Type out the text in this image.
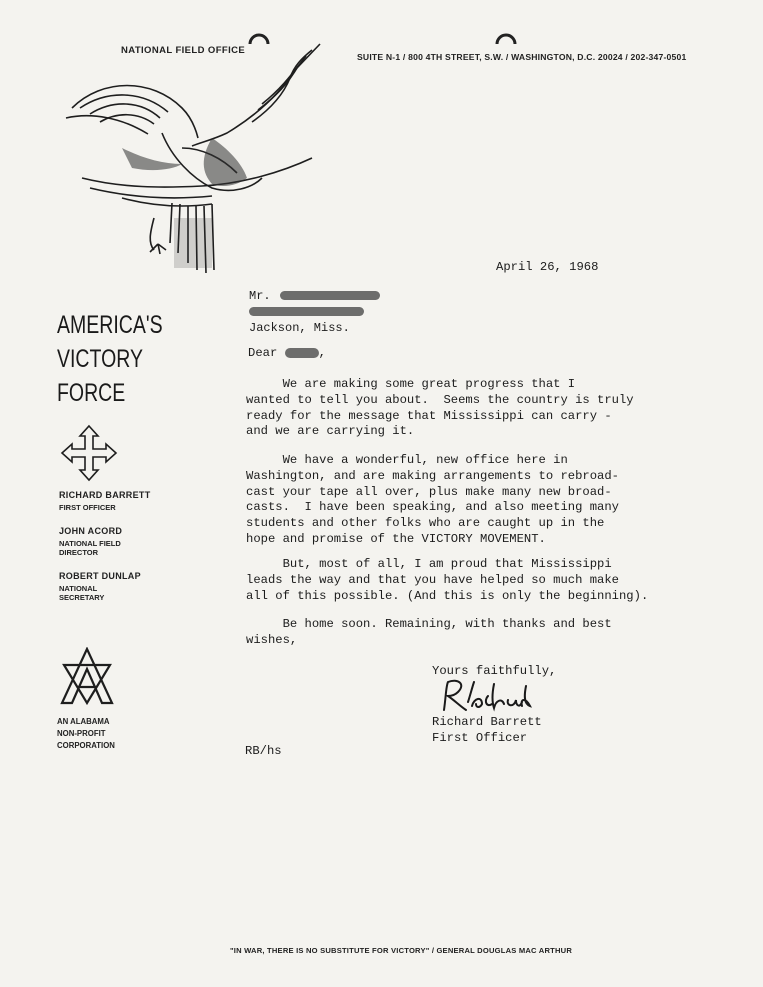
NATIONAL FIELD OFFICE
SUITE N-1 / 800 4TH STREET, S.W. / WASHINGTON, D.C. 20024 / 202-347-0501
AMERICA'S
VICTORY
FORCE
RICHARD BARRETT
FIRST OFFICER
JOHN ACORD
NATIONAL FIELD DIRECTOR
ROBERT DUNLAP
NATIONAL SECRETARY
AN ALABAMA
NON-PROFIT
CORPORATION
April 26, 1968
Mr.
Jackson, Miss.
Dear	,
We are making some great progress that I
wanted to tell you about.  Seems the country is truly
ready for the message that Mississippi can carry -
and we are carrying it.
We have a wonderful, new office here in
Washington, and are making arrangements to rebroad-
cast your tape all over, plus make many new broad-
casts.  I have been speaking, and also meeting many
students and other folks who are caught up in the
hope and promise of the VICTORY MOVEMENT.
But, most of all, I am proud that Mississippi
leads the way and that you have helped so much make
all of this possible. (And this is only the beginning).
Be home soon. Remaining, with thanks and best
wishes,
Yours faithfully,
Richard Barrett
First Officer
RB/hs
"IN WAR, THERE IS NO SUBSTITUTE FOR VICTORY" / GENERAL DOUGLAS MAC ARTHUR
